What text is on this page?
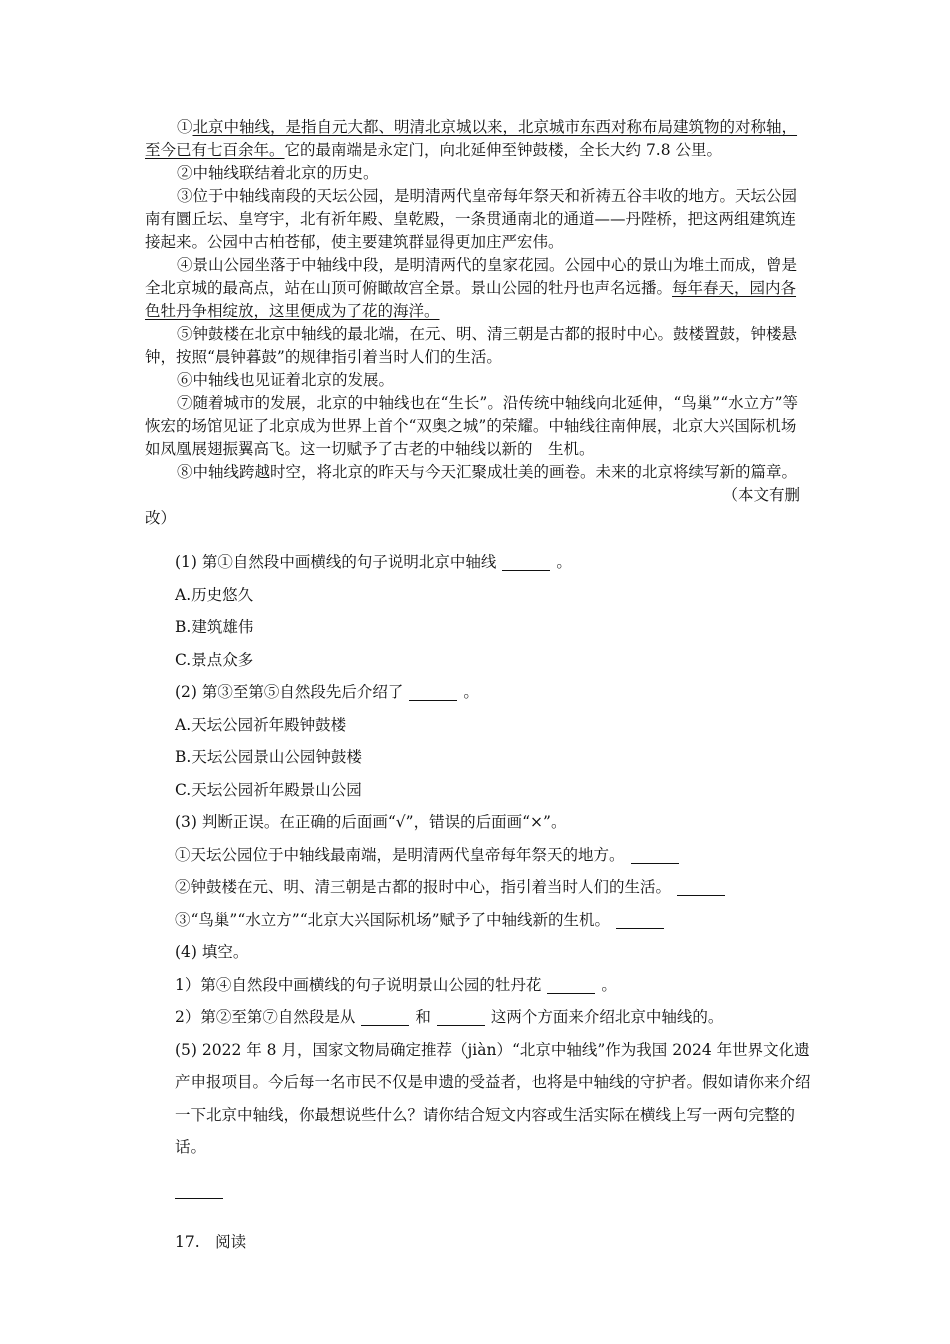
①北京中轴线，是指自元大都、明清北京城以来，北京城市东西对称布局建筑物的对称轴，至今已有七百余年。它的最南端是永定门，向北延伸至钟鼓楼，全长大约 7.8 公里。

②中轴线联结着北京的历史。

③位于中轴线南段的天坛公园，是明清两代皇帝每年祭天和祈祷五谷丰收的地方。天坛公园南有圜丘坛、皇穹宇，北有祈年殿、皇乾殿，一条贯通南北的通道——丹陛桥，把这两组建筑连接起来。公园中古柏苍郁，使主要建筑群显得更加庄严宏伟。

④景山公园坐落于中轴线中段，是明清两代的皇家花园。公园中心的景山为堆土而成，曾是全北京城的最高点，站在山顶可俯瞰故宫全景。景山公园的牡丹也声名远播。每年春天，园内各色牡丹争相绽放，这里便成为了花的海洋。

⑤钟鼓楼在北京中轴线的最北端，在元、明、清三朝是古都的报时中心。鼓楼置鼓，钟楼悬钟，按照“晨钟暮鼓”的规律指引着当时人们的生活。

⑥中轴线也见证着北京的发展。

⑦随着城市的发展，北京的中轴线也在“生长”。沿传统中轴线向北延伸，“鸟巢”“水立方”等恢宏的场馆见证了北京成为世界上首个“双奥之城”的荣耀。中轴线往南伸展，北京大兴国际机场如凤凰展翅振翼高飞。这一切赋予了古老的中轴线以新的　生机。

⑧中轴线跨越时空，将北京的昨天与今天汇聚成壮美的画卷。未来的北京将续写新的篇章。

（本文有删
改）
(1) 第①自然段中画横线的句子说明北京中轴线	。
A.历史悠久
B.建筑雄伟
C.景点众多
(2) 第③至第⑤自然段先后介绍了	。
A.天坛公园祈年殿钟鼓楼
B.天坛公园景山公园钟鼓楼
C.天坛公园祈年殿景山公园
(3) 判断正误。在正确的后面画“√”，错误的后面画“×”。
①天坛公园位于中轴线最南端，是明清两代皇帝每年祭天的地方。
②钟鼓楼在元、明、清三朝是古都的报时中心，指引着当时人们的生活。
③“鸟巢”“水立方”“北京大兴国际机场”赋予了中轴线新的生机。
(4) 填空。
1）第④自然段中画横线的句子说明景山公园的牡丹花	。
2）第②至第⑦自然段是从	和	这两个方面来介绍北京中轴线的。
(5) 2022 年 8 月，国家文物局确定推荐（jiàn）“北京中轴线”作为我国 2024 年世界文化遗产申报项目。今后每一名市民不仅是申遗的受益者，也将是中轴线的守护者。假如请你来介绍一下北京中轴线，你最想说些什么？请你结合短文内容或生活实际在横线上写一两句完整的话。
17.　阅读
